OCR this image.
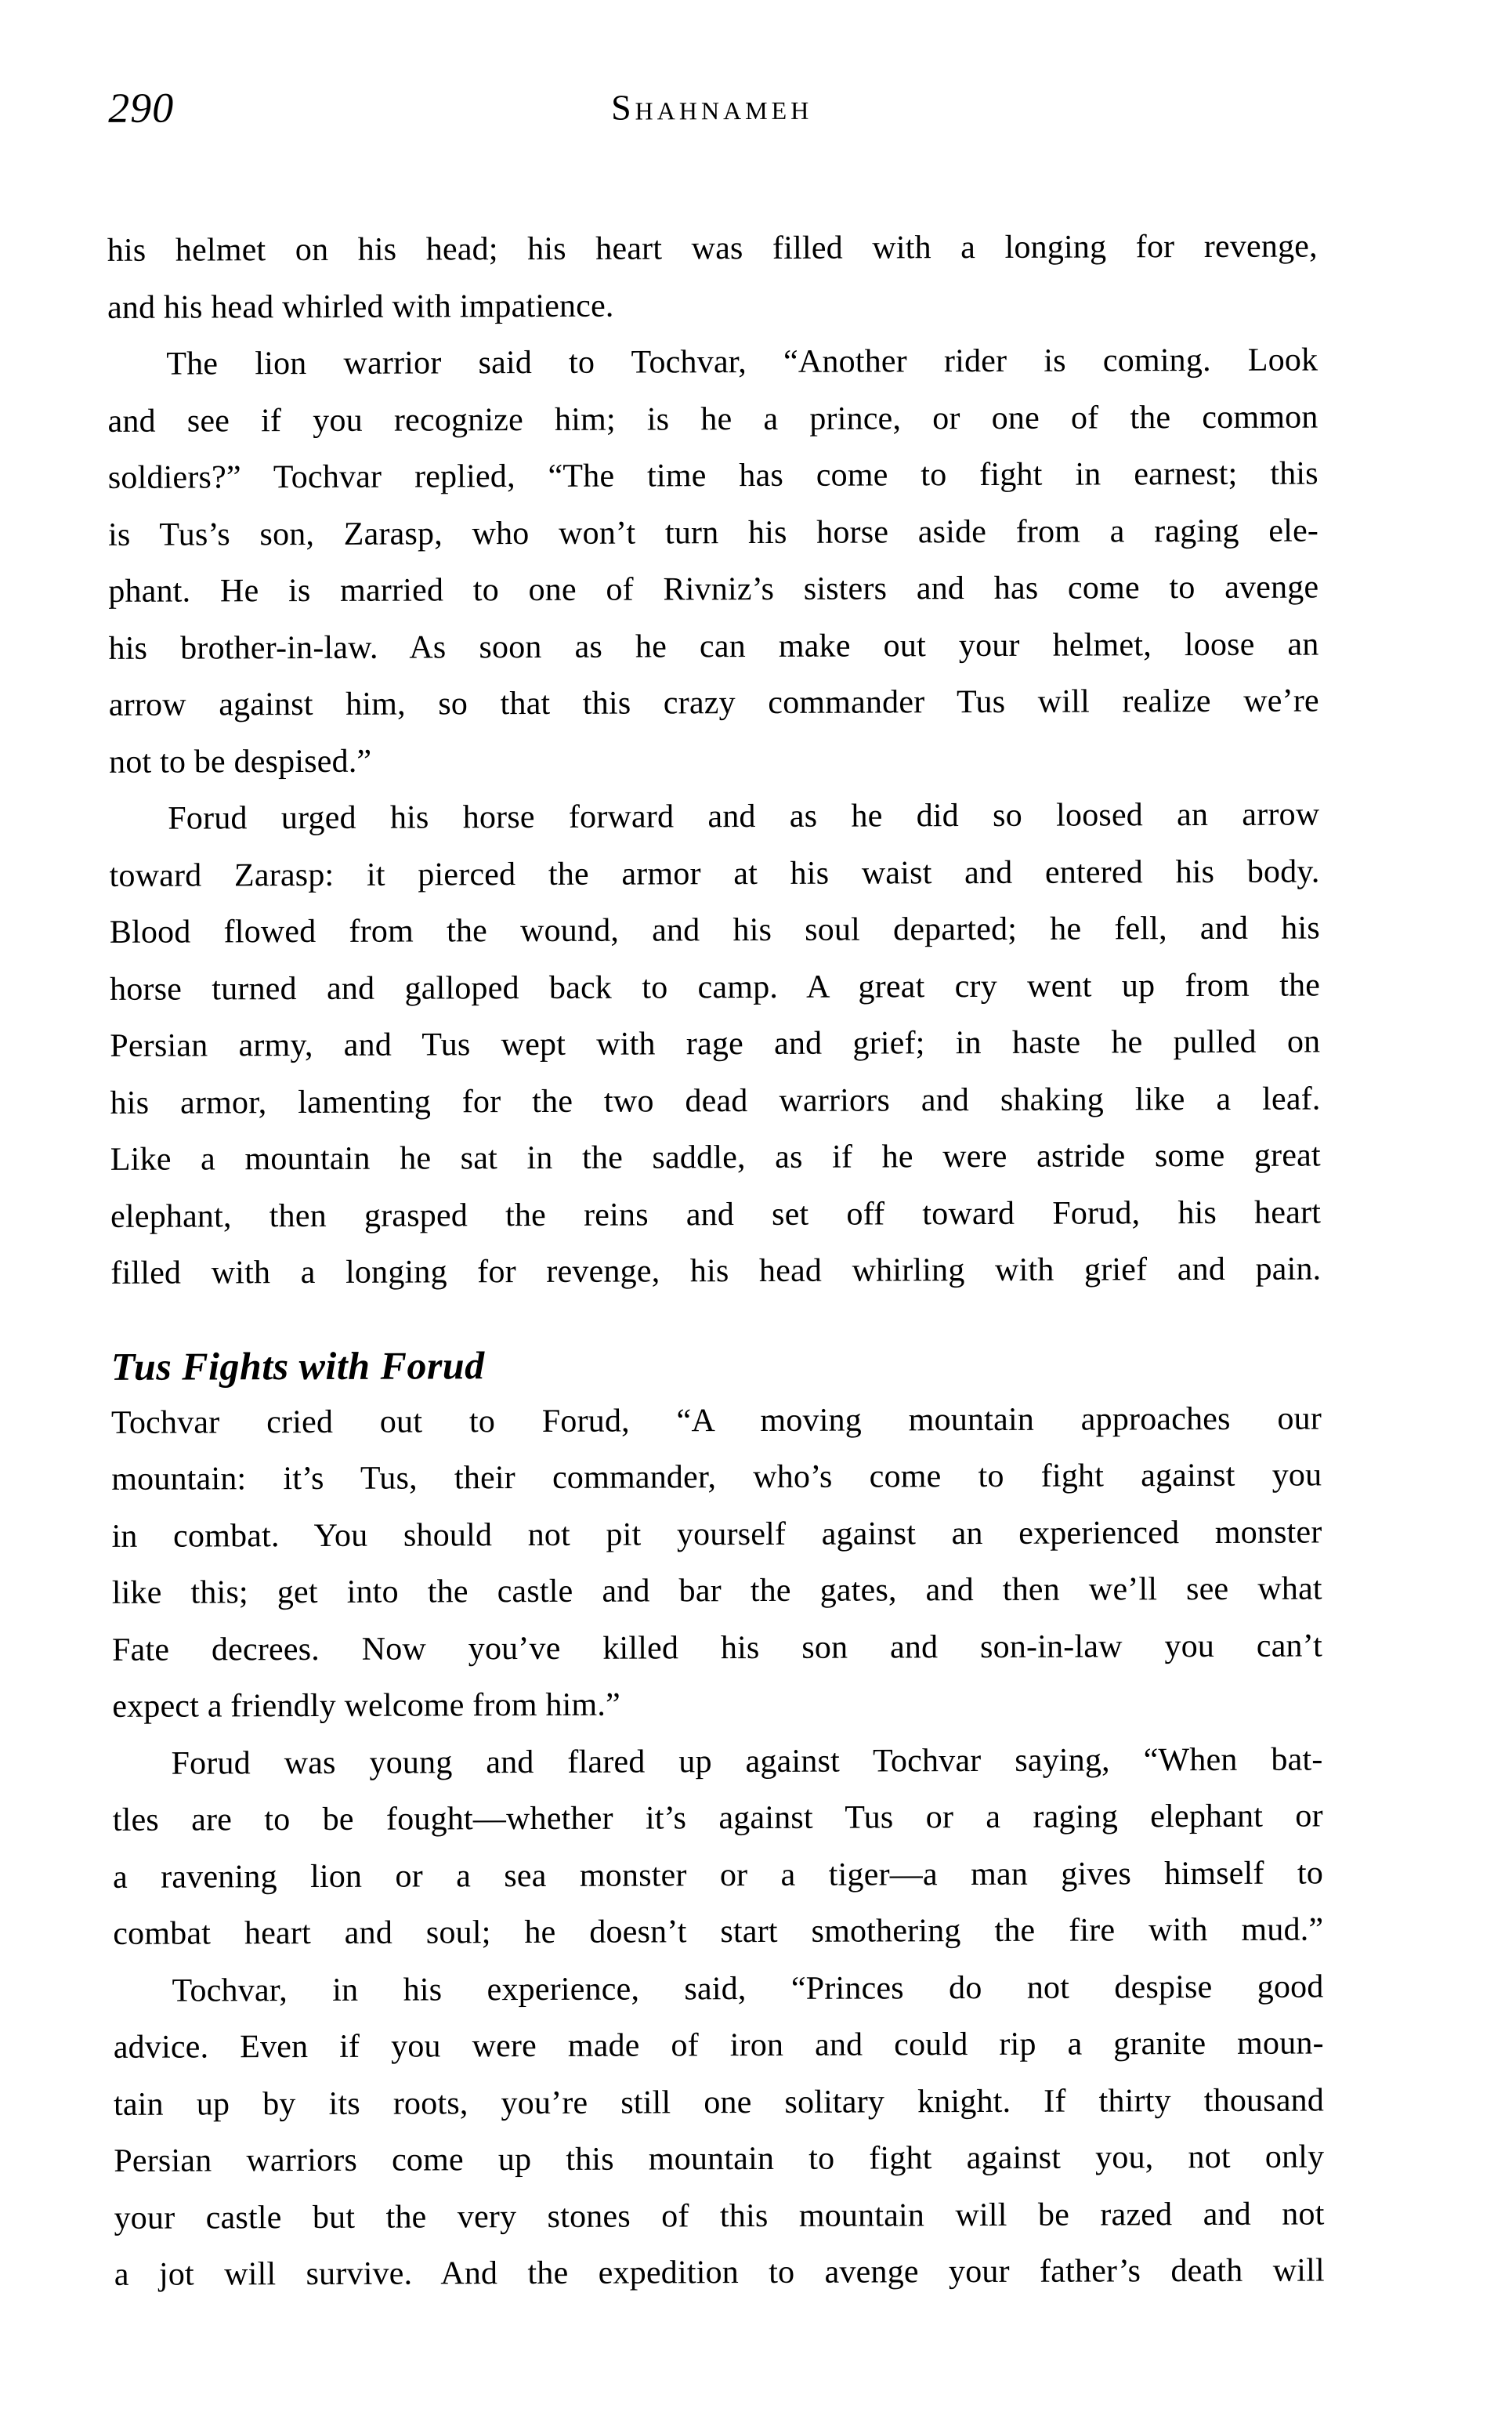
290	Shahnameh
his helmet on his head; his heart was filled with a longing for revenge,
and his head whirled with impatience.
The lion warrior said to Tochvar, “Another rider is coming. Look
and see if you recognize him; is he a prince, or one of the common
soldiers?” Tochvar replied, “The time has come to fight in earnest; this
is Tus’s son, Zarasp, who won’t turn his horse aside from a raging ele-
phant. He is married to one of Rivniz’s sisters and has come to avenge
his brother-in-law. As soon as he can make out your helmet, loose an
arrow against him, so that this crazy commander Tus will realize we’re
not to be despised.”
Forud urged his horse forward and as he did so loosed an arrow
toward Zarasp: it pierced the armor at his waist and entered his body.
Blood flowed from the wound, and his soul departed; he fell, and his
horse turned and galloped back to camp. A great cry went up from the
Persian army, and Tus wept with rage and grief; in haste he pulled on
his armor, lamenting for the two dead warriors and shaking like a leaf.
Like a mountain he sat in the saddle, as if he were astride some great
elephant, then grasped the reins and set off toward Forud, his heart
filled with a longing for revenge, his head whirling with grief and pain.
Tus Fights with Forud
Tochvar cried out to Forud, “A moving mountain approaches our
mountain: it’s Tus, their commander, who’s come to fight against you
in combat. You should not pit yourself against an experienced monster
like this; get into the castle and bar the gates, and then we’ll see what
Fate decrees. Now you’ve killed his son and son-in-law you can’t
expect a friendly welcome from him.”
Forud was young and flared up against Tochvar saying, “When bat-
tles are to be fought—whether it’s against Tus or a raging elephant or
a ravening lion or a sea monster or a tiger—a man gives himself to
combat heart and soul; he doesn’t start smothering the fire with mud.”
Tochvar, in his experience, said, “Princes do not despise good
advice. Even if you were made of iron and could rip a granite moun-
tain up by its roots, you’re still one solitary knight. If thirty thousand
Persian warriors come up this mountain to fight against you, not only
your castle but the very stones of this mountain will be razed and not
a jot will survive. And the expedition to avenge your father’s death will
